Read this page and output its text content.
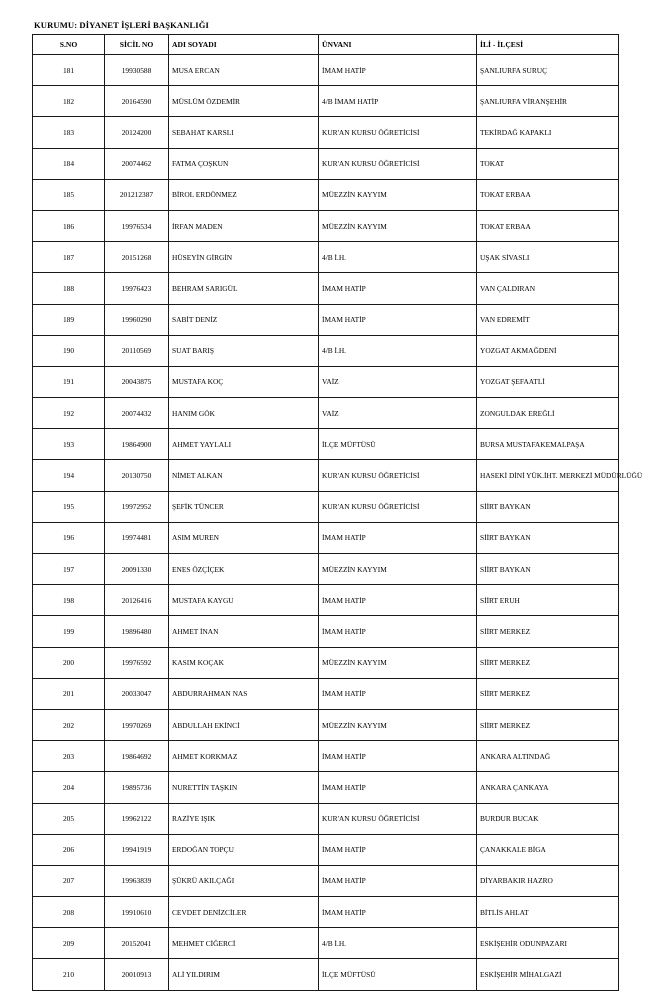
KURUMU: DİYANET İŞLERİ BAŞKANLIĞI
S.NO	SİCİL NO	ADI SOYADI	ÜNVANI	İLİ - İLÇESİ
181	19930588	MUSA ERCAN	İMAM HATİP	ŞANLIURFA SURUÇ
182	20164590	MÜSLÜM ÖZDEMİR	4/B İMAM HATİP	ŞANLIURFA VİRANŞEHİR
183	20124200	SEBAHAT KARSLI	KUR'AN KURSU ÖĞRETİCİSİ	TEKİRDAĞ KAPAKLI
184	20074462	FATMA ÇOŞKUN	KUR'AN KURSU ÖĞRETİCİSİ	TOKAT
185	201212387	BİROL ERDÖNMEZ	MÜEZZİN KAYYIM	TOKAT ERBAA
186	19976534	İRFAN MADEN	MÜEZZİN KAYYIM	TOKAT ERBAA
187	20151268	HÜSEYİN GİRGİN	4/B İ.H.	UŞAK SİVASLI
188	19976423	BEHRAM SARIGÜL	İMAM HATİP	VAN ÇALDIRAN
189	19960290	SABİT DENİZ	İMAM HATİP	VAN EDREMİT
190	20110569	SUAT BARIŞ	4/B İ.H.	YOZGAT AKMAĞDENİ
191	20043875	MUSTAFA KOÇ	VAİZ	YOZGAT ŞEFAATLİ
192	20074432	HANIM GÖK	VAİZ	ZONGULDAK EREĞLİ
193	19864900	AHMET YAYLALI	İLÇE MÜFTÜSÜ	BURSA MUSTAFAKEMALPAŞA
194	20130750	NİMET ALKAN	KUR'AN KURSU ÖĞRETİCİSİ	HASEKİ DİNİ YÜK.İHT. MERKEZİ MÜDÜRLÜĞÜ
195	19972952	ŞEFİK TÜNCER	KUR'AN KURSU ÖĞRETİCİSİ	SİİRT BAYKAN
196	19974481	ASIM MUREN	İMAM HATİP	SİİRT BAYKAN
197	20091330	ENES ÖZÇİÇEK	MÜEZZİN KAYYIM	SİİRT BAYKAN
198	20126416	MUSTAFA KAYGU	İMAM HATİP	SİİRT ERUH
199	19896480	AHMET İNAN	İMAM HATİP	SİİRT MERKEZ
200	19976592	KASIM KOÇAK	MÜEZZİN KAYYIM	SİİRT MERKEZ
201	20033047	ABDURRAHMAN NAS	İMAM HATİP	SİİRT MERKEZ
202	19970269	ABDULLAH EKİNCİ	MÜEZZİN KAYYIM	SİİRT MERKEZ
203	19864692	AHMET KORKMAZ	İMAM HATİP	ANKARA ALTINDAĞ
204	19895736	NURETTİN TAŞKIN	İMAM HATİP	ANKARA ÇANKAYA
205	19962122	RAZİYE IŞIK	KUR'AN KURSU ÖĞRETİCİSİ	BURDUR BUCAK
206	19941919	ERDOĞAN TOPÇU	İMAM HATİP	ÇANAKKALE BİGA
207	19963839	ŞÜKRÜ AKILÇAĞI	İMAM HATİP	DİYARBAKIR HAZRO
208	19910610	CEVDET DENİZCİLER	İMAM HATİP	BİTLİS AHLAT
209	20152041	MEHMET CİĞERCİ	4/B İ.H.	ESKİŞEHİR ODUNPAZARI
210	20010913	ALİ YILDIRIM	İLÇE MÜFTÜSÜ	ESKİŞEHİR MİHALGAZİ
